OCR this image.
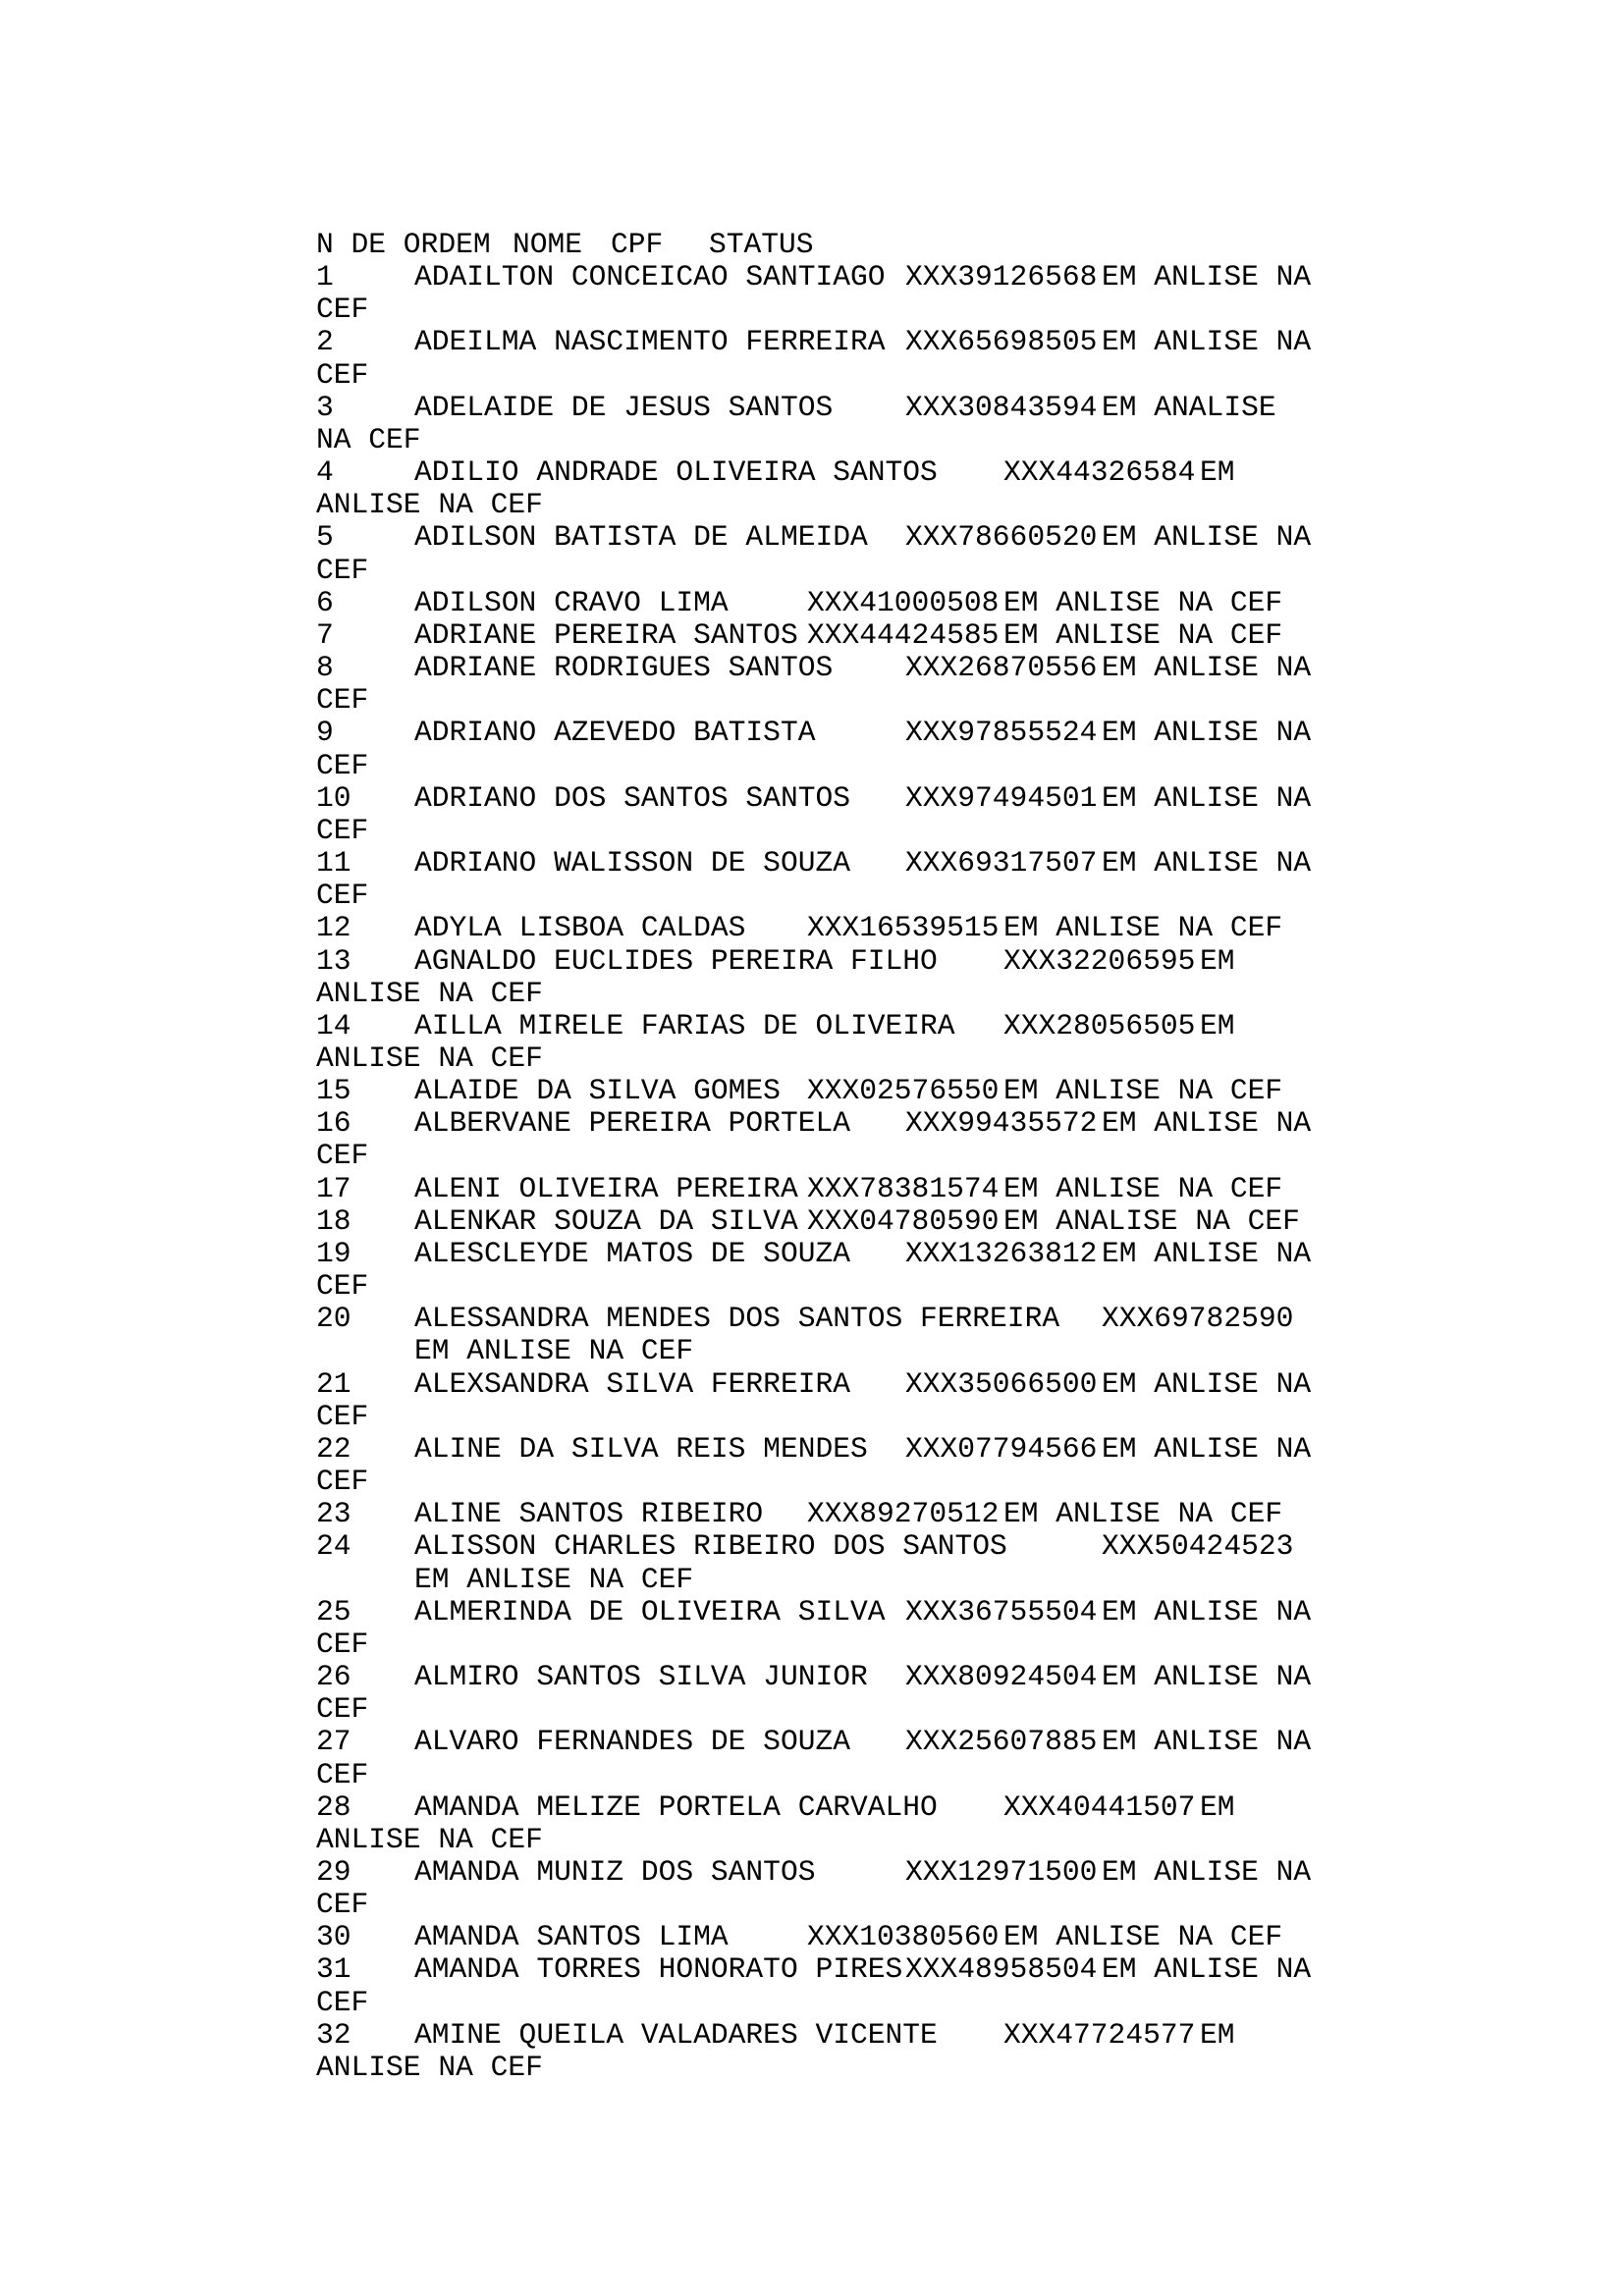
N DE ORDEM NOME CPF STATUS
1	ADAILTON CONCEICAO SANTIAGO XXX39126568 EM ANLISE NA
CEF
2	ADEILMA NASCIMENTO FERREIRA XXX65698505 EM ANLISE NA
CEF
3	ADELAIDE DE JESUS SANTOS XXX30843594 EM ANALISE
NA CEF
4	ADILIO ANDRADE OLIVEIRA SANTOS XXX44326584 EM
ANLISE NA CEF
5	ADILSON BATISTA DE ALMEIDA XXX78660520 EM ANLISE NA
CEF
6	ADILSON CRAVO LIMA	XXX41000508 EM ANLISE NA CEF
7	ADRIANE PEREIRA SANTOS XXX44424585 EM ANLISE NA CEF
8	ADRIANE RODRIGUES SANTOS XXX26870556 EM ANLISE NA
CEF
9	ADRIANO AZEVEDO BATISTA	XXX97855524 EM ANLISE NA
CEF
10 ADRIANO DOS SANTOS SANTOS XXX97494501 EM ANLISE NA
CEF
11 ADRIANO WALISSON DE SOUZA XXX69317507 EM ANLISE NA
CEF
12 ADYLA LISBOA CALDAS XXX16539515 EM ANLISE NA CEF
13 AGNALDO EUCLIDES PEREIRA FILHO XXX32206595 EM
ANLISE NA CEF
14 AILLA MIRELE FARIAS DE OLIVEIRA XXX28056505 EM
ANLISE NA CEF
15 ALAIDE DA SILVA GOMES XXX02576550 EM ANLISE NA CEF
16 ALBERVANE PEREIRA PORTELA XXX99435572 EM ANLISE NA
CEF
17 ALENI OLIVEIRA PEREIRA XXX78381574 EM ANLISE NA CEF
18 ALENKAR SOUZA DA SILVA XXX04780590 EM ANALISE NA CEF
19 ALESCLEYDE MATOS DE SOUZA XXX13263812 EM ANLISE NA
CEF
20 ALESSANDRA MENDES DOS SANTOS FERREIRA XXX69782590
EM ANLISE NA CEF
21 ALEXSANDRA SILVA FERREIRA XXX35066500 EM ANLISE NA
CEF
22 ALINE DA SILVA REIS MENDES XXX07794566 EM ANLISE NA
CEF
23 ALINE SANTOS RIBEIRO XXX89270512 EM ANLISE NA CEF
24 ALISSON CHARLES RIBEIRO DOS SANTOS	XXX50424523
EM ANLISE NA CEF
25 ALMERINDA DE OLIVEIRA SILVA XXX36755504 EM ANLISE NA
CEF
26 ALMIRO SANTOS SILVA JUNIOR XXX80924504 EM ANLISE NA
CEF
27 ALVARO FERNANDES DE SOUZA XXX25607885 EM ANLISE NA
CEF
28 AMANDA MELIZE PORTELA CARVALHO XXX40441507 EM
ANLISE NA CEF
29 AMANDA MUNIZ DOS SANTOS	XXX12971500 EM ANLISE NA
CEF
30 AMANDA SANTOS LIMA	XXX10380560 EM ANLISE NA CEF
31 AMANDA TORRES HONORATO PIRES XXX48958504 EM ANLISE NA
CEF
32 AMINE QUEILA VALADARES VICENTE XXX47724577 EM
ANLISE NA CEF
